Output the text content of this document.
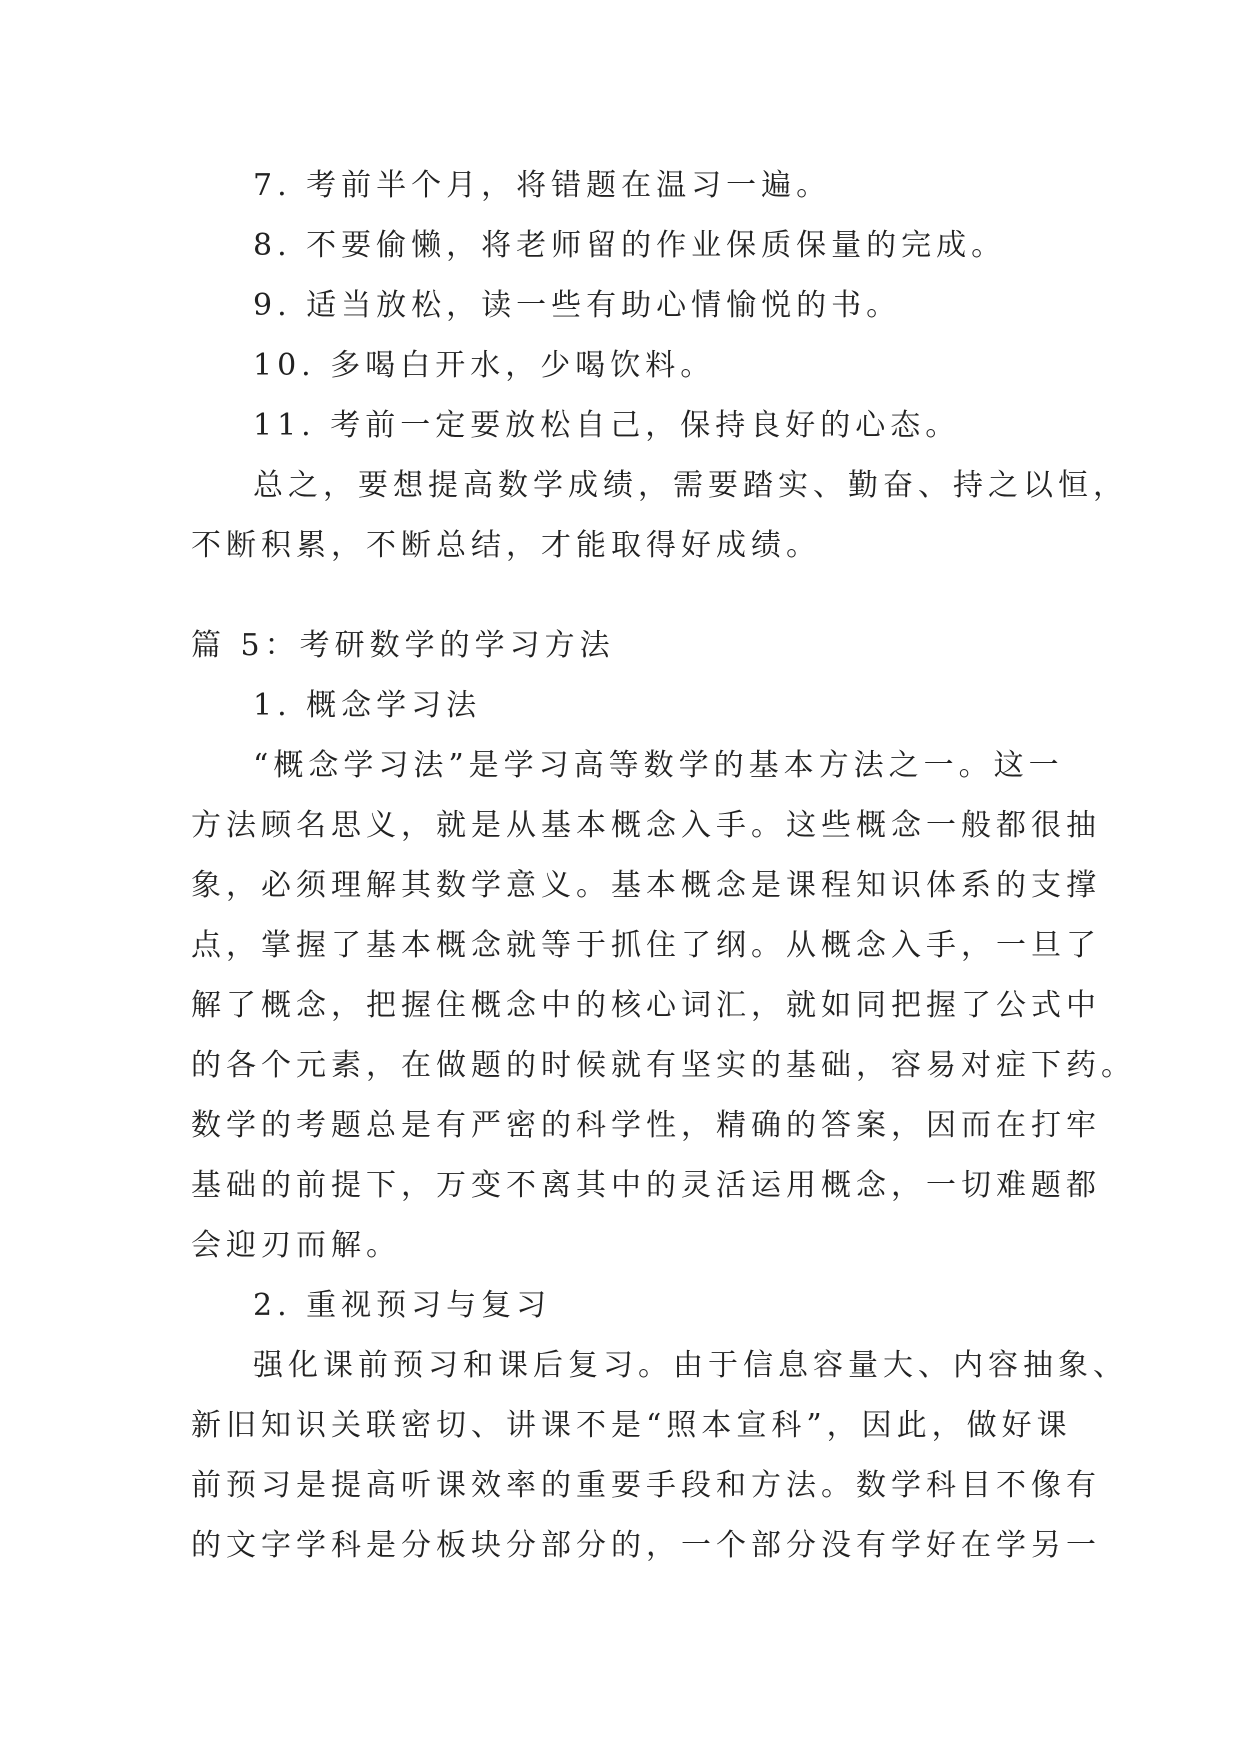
7. 考前半个月，将错题在温习一遍。
8. 不要偷懒，将老师留的作业保质保量的完成。
9. 适当放松，读一些有助心情愉悦的书。
10. 多喝白开水，少喝饮料。
11. 考前一定要放松自己，保持良好的心态。
总之，要想提高数学成绩，需要踏实、勤奋、持之以恒，
不断积累，不断总结，才能取得好成绩。
篇 5：考研数学的学习方法
1. 概念学习法
“概念学习法”是学习高等数学的基本方法之一。这一
方法顾名思义，就是从基本概念入手。这些概念一般都很抽
象，必须理解其数学意义。基本概念是课程知识体系的支撑
点，掌握了基本概念就等于抓住了纲。从概念入手，一旦了
解了概念，把握住概念中的核心词汇，就如同把握了公式中
的各个元素，在做题的时候就有坚实的基础，容易对症下药。
数学的考题总是有严密的科学性，精确的答案，因而在打牢
基础的前提下，万变不离其中的灵活运用概念，一切难题都
会迎刃而解。
2. 重视预习与复习
强化课前预习和课后复习。由于信息容量大、内容抽象、
新旧知识关联密切、讲课不是“照本宣科”，因此，做好课
前预习是提高听课效率的重要手段和方法。数学科目不像有
的文字学科是分板块分部分的，一个部分没有学好在学另一
